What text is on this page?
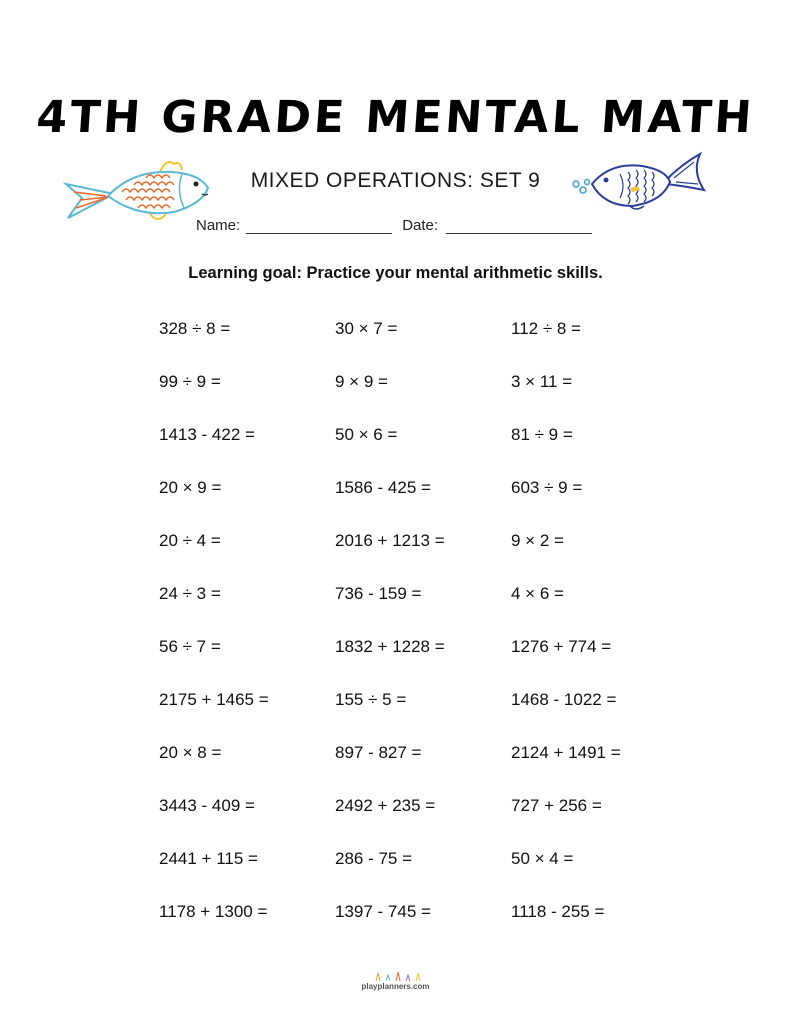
4TH GRADE MENTAL MATH
MIXED OPERATIONS: SET 9
Name:	Date:
Learning goal: Practice your mental arithmetic skills.
328 ÷ 8 =	30 × 7 =	112 ÷ 8 =
99 ÷ 9 =	9 × 9 =	3 × 11 =
1413 - 422 =	50 × 6 =	81 ÷ 9 =
20 × 9 =	1586 - 425 =	603 ÷ 9 =
20 ÷ 4 =	2016 + 1213 =	9 × 2 =
24 ÷ 3 =	736 - 159 =	4 × 6 =
56 ÷ 7 =	1832 + 1228 =	1276 + 774 =
2175 + 1465 =	155 ÷ 5 =	1468 - 1022 =
20 × 8 =	897 - 827 =	2124 + 1491 =
3443 - 409 =	2492 + 235 =	727 + 256 =
2441 + 115 =	286 - 75 =	50 × 4 =
1178 + 1300 =	1397 - 745 =	1118 - 255 =
playplanners.com
